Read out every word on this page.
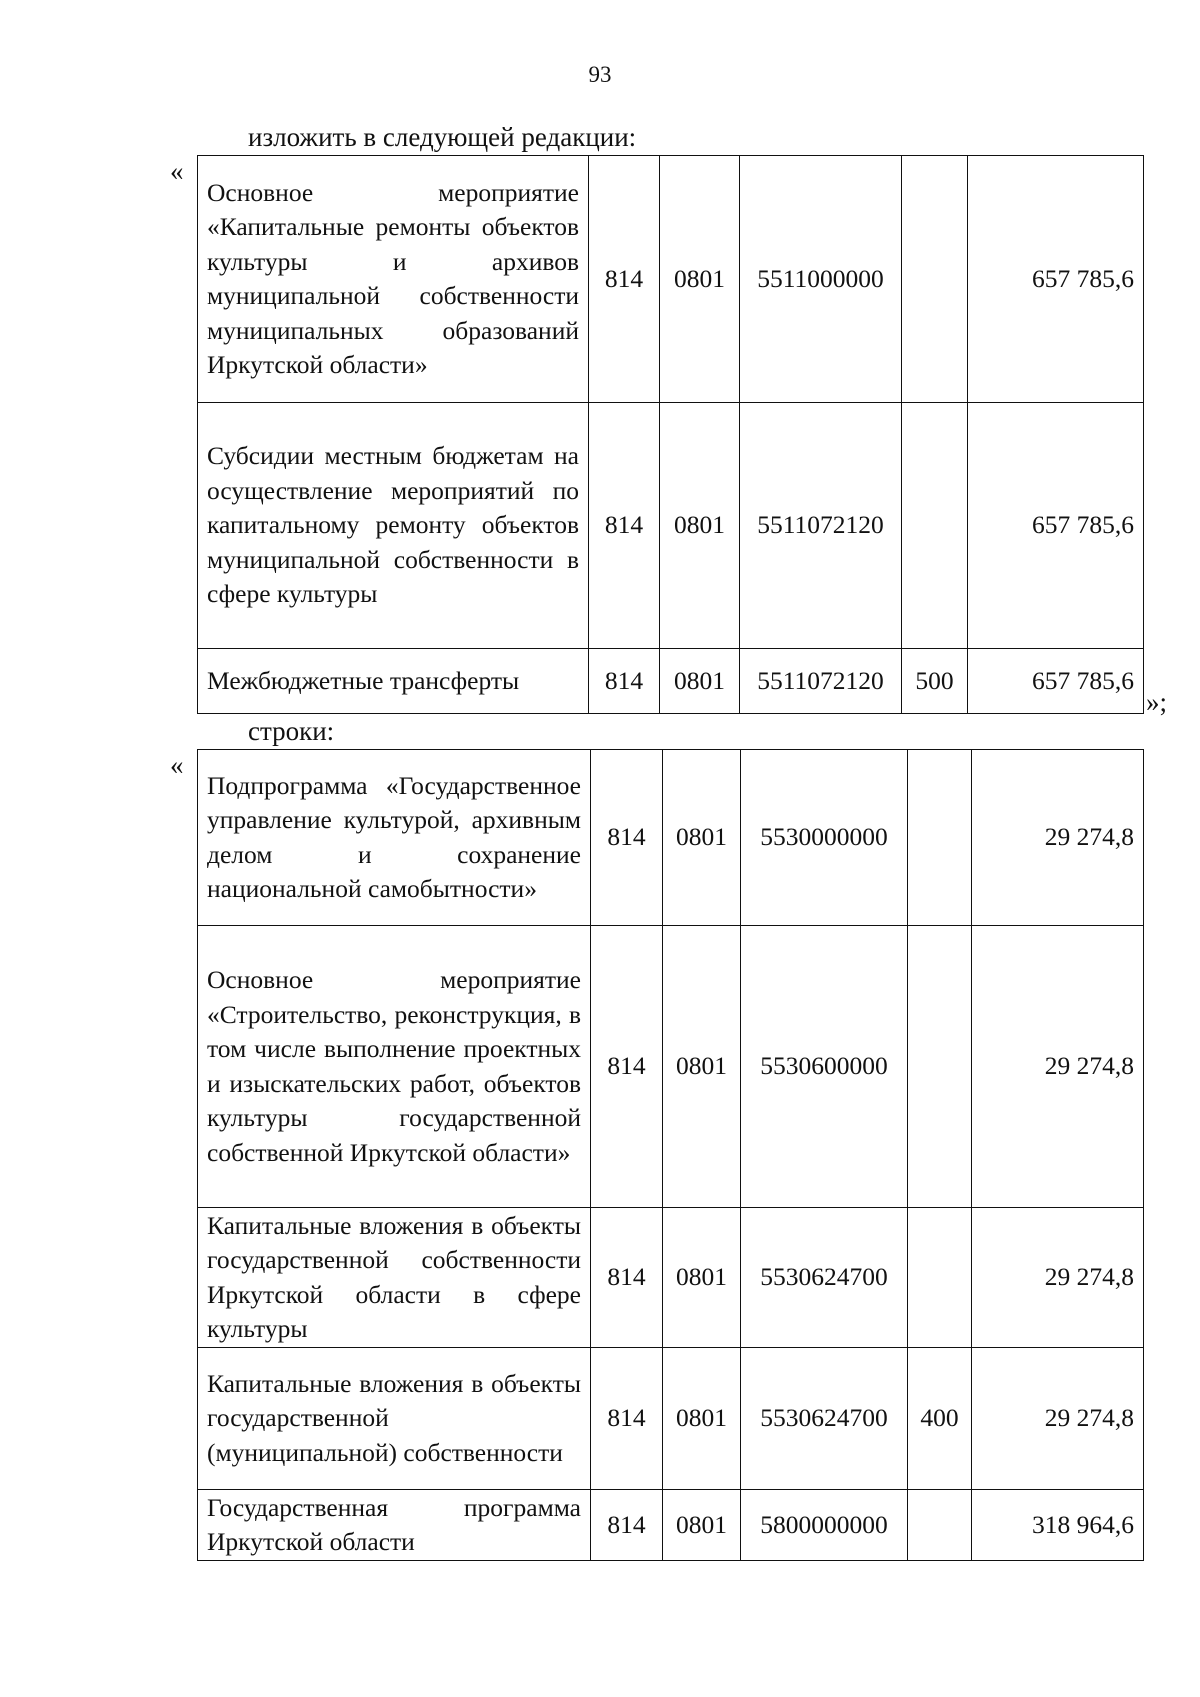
93
изложить в следующей редакции:
«
Основное мероприятие «Капитальные ремонты объектов культуры и архивов муниципальной собственности муниципальных образований Иркутской области»	814	0801	5511000000		657 785,6
Субсидии местным бюджетам на осуществление мероприятий по капитальному ремонту объектов муниципальной собственности в сфере культуры	814	0801	5511072120		657 785,6
Межбюджетные трансферты	814	0801	5511072120	500	657 785,6
»;
строки:
«
Подпрограмма «Государственное управление культурой, архивным делом и сохранение национальной самобытности»	814	0801	5530000000		29 274,8
Основное мероприятие «Строительство, реконструкция, в том числе выполнение проектных и изыскательских работ, объектов культуры государственной собственной Иркутской области»	814	0801	5530600000		29 274,8
Капитальные вложения в объекты государственной собственности Иркутской области в сфере культуры	814	0801	5530624700		29 274,8
Капитальные вложения в объекты государственной (муниципальной) собственности	814	0801	5530624700	400	29 274,8
Государственная программа Иркутской области	814	0801	5800000000		318 964,6
